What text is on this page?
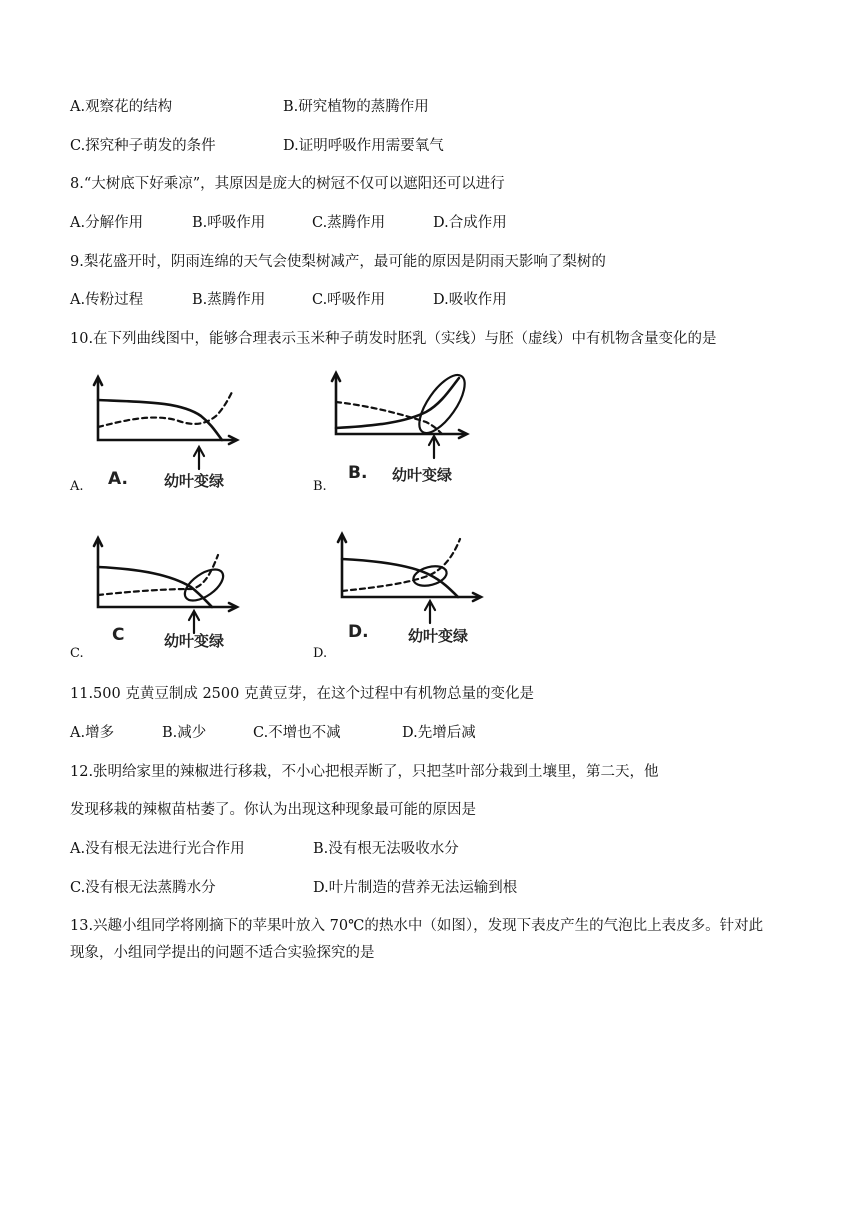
A.观察花的结构	B.研究植物的蒸腾作用
C.探究种子萌发的条件	D.证明呼吸作用需要氧气
8.“大树底下好乘凉”，其原因是庞大的树冠不仅可以遮阳还可以进行
A.分解作用	B.呼吸作用	C.蒸腾作用	D.合成作用
9.梨花盛开时，阴雨连绵的天气会使梨树减产，最可能的原因是阴雨天影响了梨树的
A.传粉过程	B.蒸腾作用	C.呼吸作用	D.吸收作用
10.在下列曲线图中，能够合理表示玉米种子萌发时胚乳（实线）与胚（虚线）中有机物含量变化的是
A. A. 幼叶变绿	B.
B. 幼叶变绿
C.
C	幼叶变绿
D.
D.	幼叶变绿
11.500 克黄豆制成 2500 克黄豆芽，在这个过程中有机物总量的变化是
A.增多	B.减少	C.不增也不减	D.先增后减
12.张明给家里的辣椒进行移栽，不小心把根弄断了，只把茎叶部分栽到土壤里，第二天，他
发现移栽的辣椒苗枯萎了。你认为出现这种现象最可能的原因是
A.没有根无法进行光合作用	B.没有根无法吸收水分
C.没有根无法蒸腾水分	D.叶片制造的营养无法运输到根
13.兴趣小组同学将刚摘下的苹果叶放入 70℃的热水中（如图），发现下表皮产生的气泡比上表皮多。针对此
现象，小组同学提出的问题不适合实验探究的是
